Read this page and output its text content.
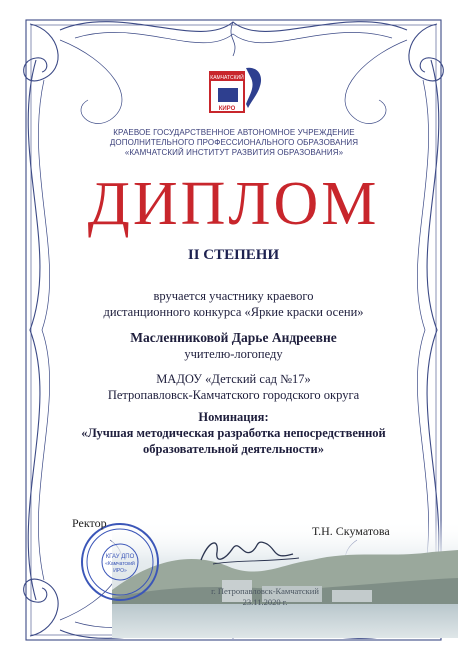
КАМЧАТСКИЙ
КИРО
КРАЕВОЕ ГОСУДАРСТВЕННОЕ АВТОНОМНОЕ УЧРЕЖДЕНИЕ
ДОПОЛНИТЕЛЬНОГО ПРОФЕССИОНАЛЬНОГО ОБРАЗОВАНИЯ
«КАМЧАТСКИЙ ИНСТИТУТ РАЗВИТИЯ ОБРАЗОВАНИЯ»
ДИПЛОМ
II СТЕПЕНИ
вручается участнику краевого
дистанционного конкурса «Яркие краски осени»
Масленниковой Дарье Андреевне
учителю-логопеду
МАДОУ «Детский сад №17»
Петропавловск-Камчатского городского округа
Номинация:
«Лучшая методическая разработка непосредственной
образовательной деятельности»
КГАУ ДПО
«Камчатский
ИРО»
Ректор
Т.Н. Скуматова
г. Петропавловск-Камчатский
23.11.2020 г.
